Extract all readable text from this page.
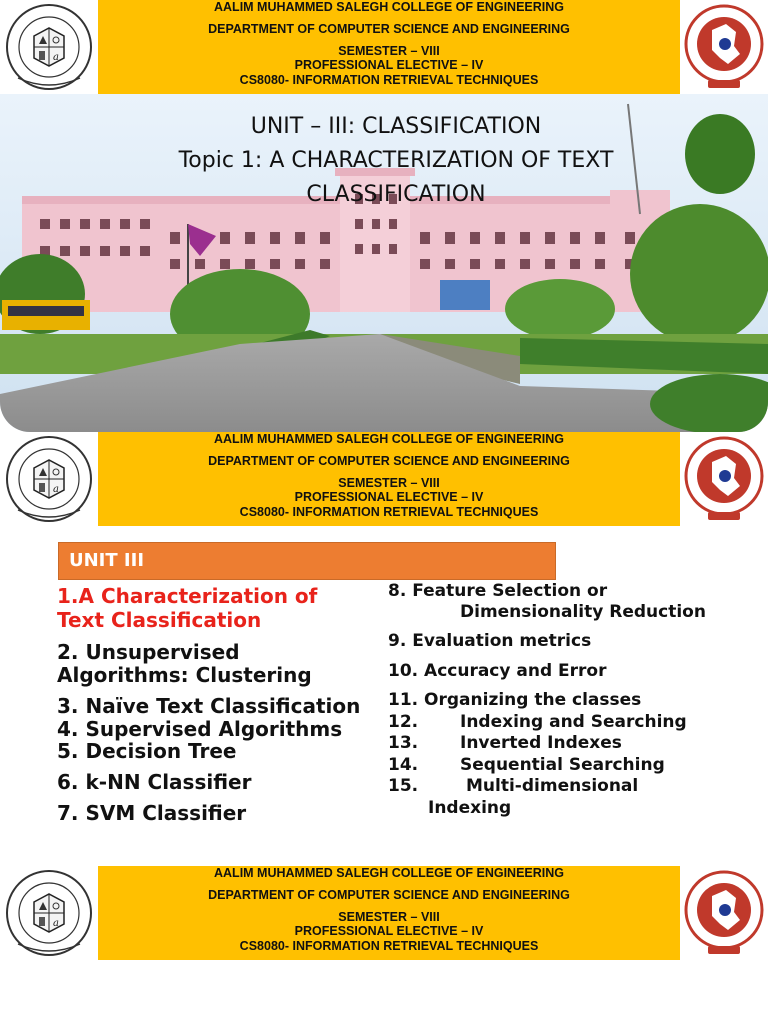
AALIM MUHAMMED SALEGH COLLEGE OF ENGINEERING
DEPARTMENT OF COMPUTER SCIENCE AND ENGINEERING
SEMESTER – VIII
PROFESSIONAL ELECTIVE – IV
CS8080- INFORMATION RETRIEVAL TECHNIQUES
a
UNIT – III: CLASSIFICATION
Topic 1: A CHARACTERIZATION OF TEXT
CLASSIFICATION
AALIM MUHAMMED SALEGH COLLEGE OF ENGINEERING
DEPARTMENT OF COMPUTER SCIENCE AND ENGINEERING
SEMESTER – VIII
PROFESSIONAL ELECTIVE – IV
CS8080- INFORMATION RETRIEVAL TECHNIQUES
a
UNIT III
1.A Characterization of
Text Classification
2. Unsupervised
Algorithms: Clustering
3. Naïve Text Classification
4. Supervised Algorithms
5. Decision Tree
6. k-NN Classifier
7. SVM Classifier
8. Feature Selection or
Dimensionality Reduction
9. Evaluation metrics
10. Accuracy and Error
11. Organizing the classes
12. Indexing and Searching
13. Inverted Indexes
14. Sequential Searching
15.	Multi-dimensional
Indexing
AALIM MUHAMMED SALEGH COLLEGE OF ENGINEERING
DEPARTMENT OF COMPUTER SCIENCE AND ENGINEERING
SEMESTER – VIII
PROFESSIONAL ELECTIVE – IV
CS8080- INFORMATION RETRIEVAL TECHNIQUES
a
